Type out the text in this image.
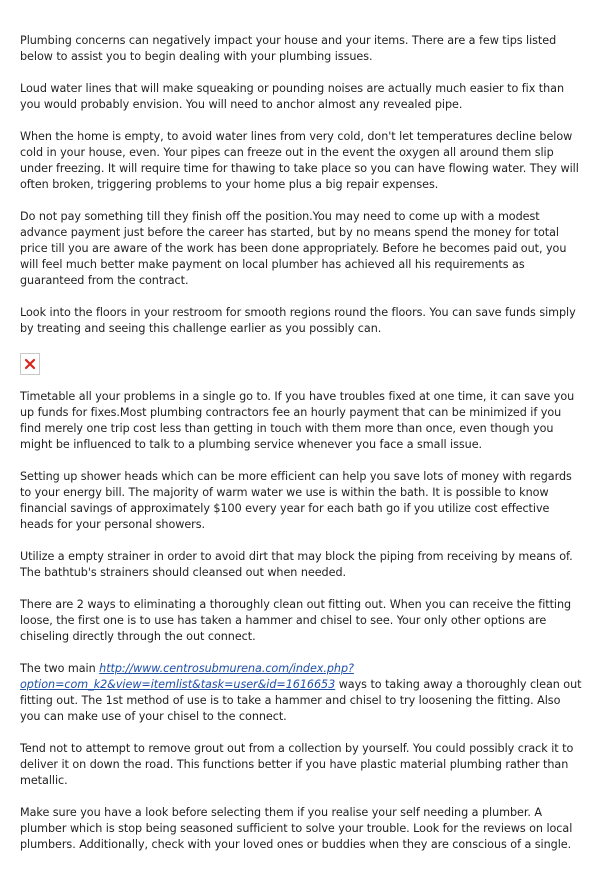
Plumbing concerns can negatively impact your house and your items. There are a few tips listed below to assist you to begin dealing with your plumbing issues.

Loud water lines that will make squeaking or pounding noises are actually much easier to fix than you would probably envision. You will need to anchor almost any revealed pipe.

When the home is empty, to avoid water lines from very cold, don't let temperatures decline below cold in your house, even. Your pipes can freeze out in the event the oxygen all around them slip under freezing. It will require time for thawing to take place so you can have flowing water. They will often broken, triggering problems to your home plus a big repair expenses.

Do not pay something till they finish off the position.You may need to come up with a modest advance payment just before the career has started, but by no means spend the money for total price till you are aware of the work has been done appropriately. Before he becomes paid out, you will feel much better make payment on local plumber has achieved all his requirements as guaranteed from the contract.

Look into the floors in your restroom for smooth regions round the floors. You can save funds simply by treating and seeing this challenge earlier as you possibly can.

Timetable all your problems in a single go to. If you have troubles fixed at one time, it can save you up funds for fixes.Most plumbing contractors fee an hourly payment that can be minimized if you find merely one trip cost less than getting in touch with them more than once, even though you might be influenced to talk to a plumbing service whenever you face a small issue.

Setting up shower heads which can be more efficient can help you save lots of money with regards to your energy bill. The majority of warm water we use is within the bath. It is possible to know financial savings of approximately $100 every year for each bath go if you utilize cost effective heads for your personal showers.

Utilize a empty strainer in order to avoid dirt that may block the piping from receiving by means of. The bathtub's strainers should cleansed out when needed.

There are 2 ways to eliminating a thoroughly clean out fitting out. When you can receive the fitting loose, the first one is to use has taken a hammer and chisel to see. Your only other options are chiseling directly through the out connect.

The two main http://www.centrosubmurena.com/index.php?option=com_k2&view=itemlist&task=user&id=1616653 ways to taking away a thoroughly clean out fitting out. The 1st method of use is to take a hammer and chisel to try loosening the fitting. Also you can make use of your chisel to the connect.

Tend not to attempt to remove grout out from a collection by yourself. You could possibly crack it to deliver it on down the road. This functions better if you have plastic material plumbing rather than metallic.

Make sure you have a look before selecting them if you realise your self needing a plumber. A plumber which is stop being seasoned sufficient to solve your trouble. Look for the reviews on local plumbers. Additionally, check with your loved ones or buddies when they are conscious of a single.
